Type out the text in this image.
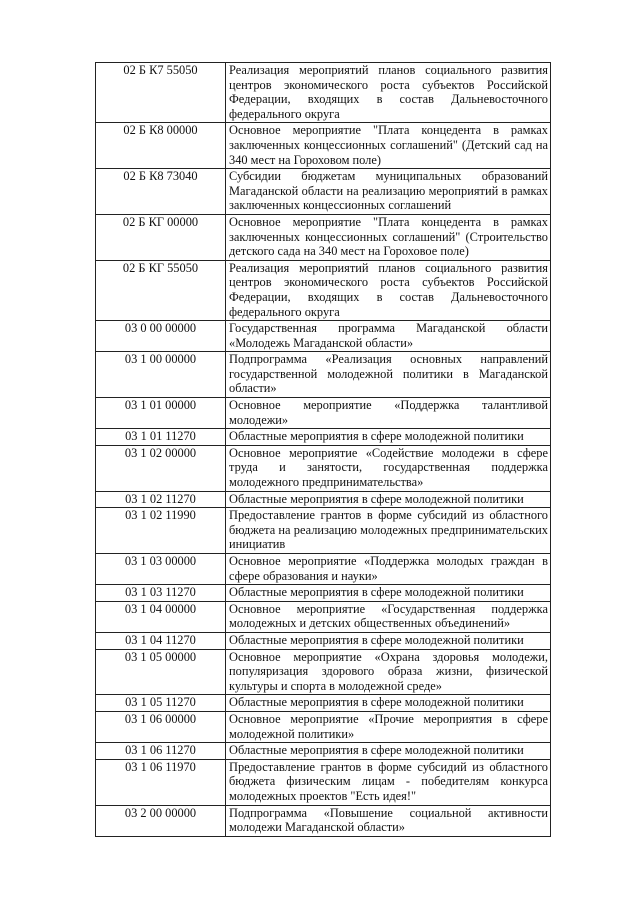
02 Б К7 55050	Реализация мероприятий планов социального развития центров экономического роста субъектов Российской Федерации, входящих в состав Дальневосточного федерального округа
02 Б К8 00000	Основное мероприятие "Плата концедента в рамках заключенных концессионных соглашений" (Детский сад на 340 мест на Гороховом поле)
02 Б К8 73040	Субсидии бюджетам муниципальных образований Магаданской области на реализацию мероприятий в рамках заключенных концессионных соглашений
02 Б КГ 00000	Основное мероприятие "Плата концедента в рамках заключенных концессионных соглашений" (Строительство детского сада на 340 мест на Гороховое поле)
02 Б КГ 55050	Реализация мероприятий планов социального развития центров экономического роста субъектов Российской Федерации, входящих в состав Дальневосточного федерального округа
03 0 00 00000	Государственная программа Магаданской области «Молодежь Магаданской области»
03 1 00 00000	Подпрограмма «Реализация основных направлений государственной молодежной политики в Магаданской области»
03 1 01 00000	Основное мероприятие «Поддержка талантливой молодежи»
03 1 01 11270	Областные мероприятия в сфере молодежной политики
03 1 02 00000	Основное мероприятие «Содействие молодежи в сфере труда и занятости, государственная поддержка молодежного предпринимательства»
03 1 02 11270	Областные мероприятия в сфере молодежной политики
03 1 02 11990	Предоставление грантов в форме субсидий из областного бюджета на реализацию молодежных предпринимательских инициатив
03 1 03 00000	Основное мероприятие «Поддержка молодых граждан в сфере образования и науки»
03 1 03 11270	Областные мероприятия в сфере молодежной политики
03 1 04 00000	Основное мероприятие «Государственная поддержка молодежных и детских общественных объединений»
03 1 04 11270	Областные мероприятия в сфере молодежной политики
03 1 05 00000	Основное мероприятие «Охрана здоровья молодежи, популяризация здорового образа жизни, физической культуры и спорта в молодежной среде»
03 1 05 11270	Областные мероприятия в сфере молодежной политики
03 1 06 00000	Основное мероприятие «Прочие мероприятия в сфере молодежной политики»
03 1 06 11270	Областные мероприятия в сфере молодежной политики
03 1 06 11970	Предоставление грантов в форме субсидий из областного бюджета физическим лицам - победителям конкурса молодежных проектов "Есть идея!"
03 2 00 00000	Подпрограмма «Повышение социальной активности молодежи Магаданской области»
